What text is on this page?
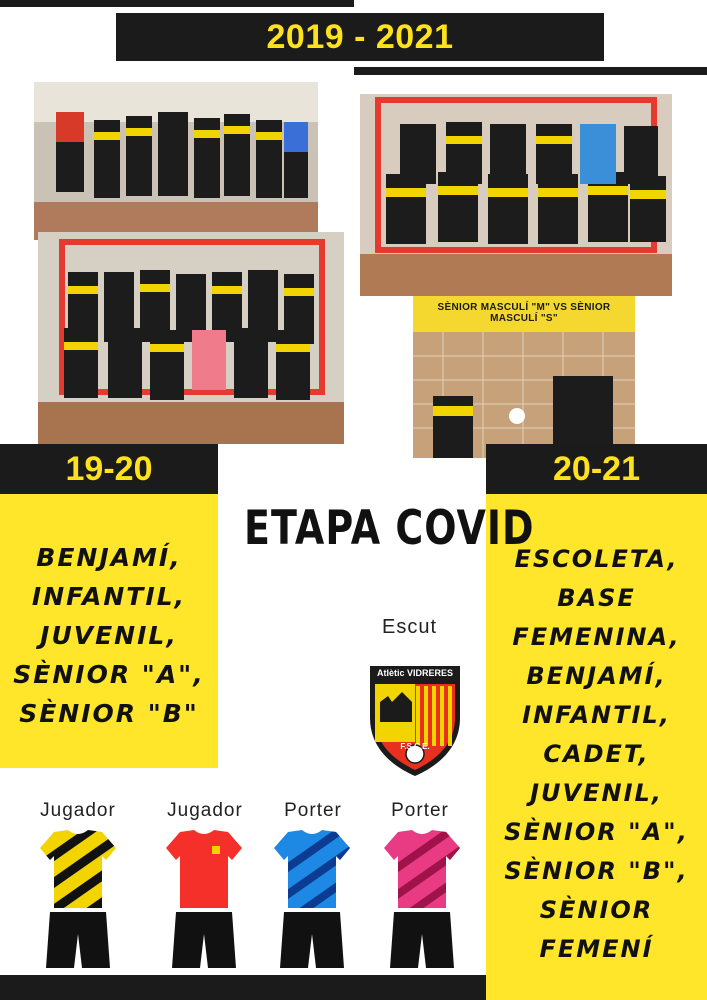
2019 - 2021
SÈNIOR MASCULÍ "M" VS SÈNIOR MASCULÍ "S"
19-20
BENJAMÍ,
INFANTIL,
JUVENIL,
SÈNIOR "A",
SÈNIOR "B"
20-21
ESCOLETA,
BASE
FEMENINA,
BENJAMÍ,
INFANTIL,
CADET,
JUVENIL,
SÈNIOR "A",
SÈNIOR "B",
SÈNIOR
FEMENÍ
ETAPA COVID
Escut
Atlètic VIDRERES
F.S.C.E.
Jugador	Jugador	Porter	Porter
